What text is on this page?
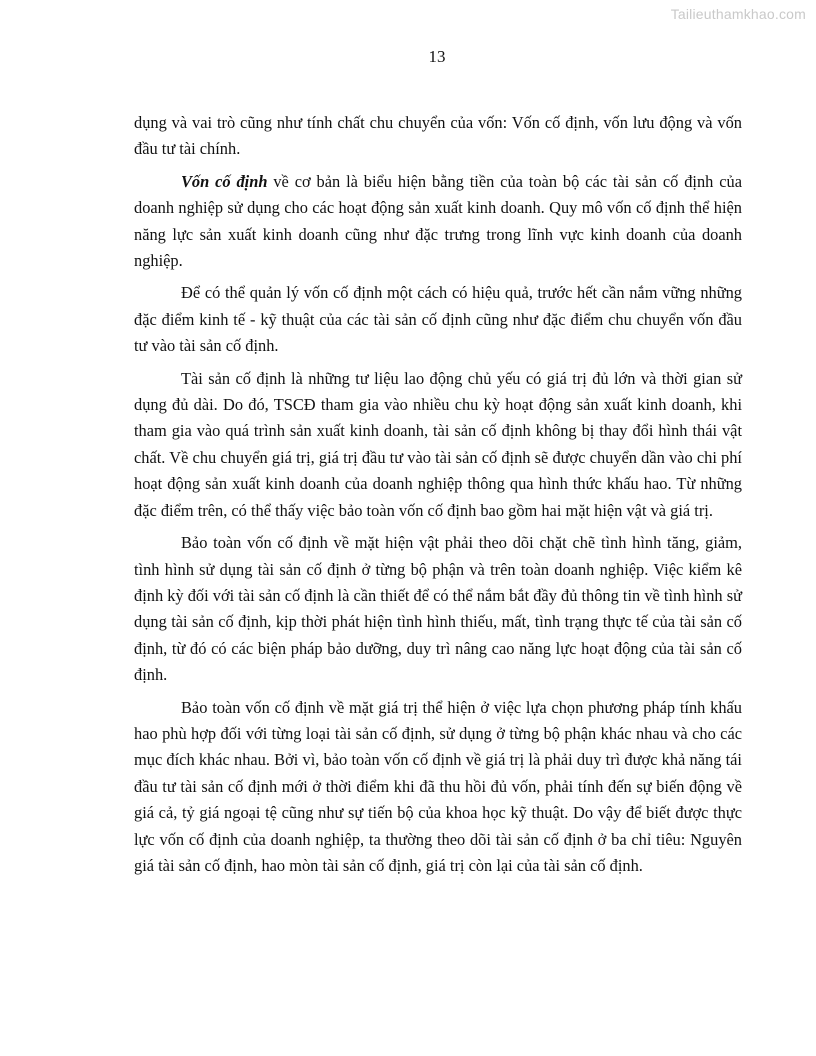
Tailieuthamkhao.com
13

dụng và vai trò cũng như tính chất chu chuyển của vốn: Vốn cố định, vốn lưu động và vốn đầu tư tài chính.

Vốn cố định về cơ bản là biểu hiện bằng tiền của toàn bộ các tài sản cố định của doanh nghiệp sử dụng cho các hoạt động sản xuất kinh doanh. Quy mô vốn cố định thể hiện năng lực sản xuất kinh doanh cũng như đặc trưng trong lĩnh vực kinh doanh của doanh nghiệp.

Để có thể quản lý vốn cố định một cách có hiệu quả, trước hết cần nắm vững những đặc điểm kinh tế - kỹ thuật của các tài sản cố định cũng như đặc điểm chu chuyển vốn đầu tư vào tài sản cố định.

Tài sản cố định là những tư liệu lao động chủ yếu có giá trị đủ lớn và thời gian sử dụng đủ dài. Do đó, TSCĐ tham gia vào nhiều chu kỳ hoạt động sản xuất kinh doanh, khi tham gia vào quá trình sản xuất kinh doanh, tài sản cố định không bị thay đổi hình thái vật chất. Về chu chuyển giá trị, giá trị đầu tư vào tài sản cố định sẽ được chuyển dần vào chi phí hoạt động sản xuất kinh doanh của doanh nghiệp thông qua hình thức khấu hao. Từ những đặc điểm trên, có thể thấy việc bảo toàn vốn cố định bao gồm hai mặt hiện vật và giá trị.

Bảo toàn vốn cố định về mặt hiện vật phải theo dõi chặt chẽ tình hình tăng, giảm, tình hình sử dụng tài sản cố định ở từng bộ phận và trên toàn doanh nghiệp. Việc kiểm kê định kỳ đối với tài sản cố định là cần thiết để có thể nắm bắt đầy đủ thông tin về tình hình sử dụng tài sản cố định, kịp thời phát hiện tình hình thiếu, mất, tình trạng thực tế của tài sản cố định, từ đó có các biện pháp bảo dưỡng, duy trì nâng cao năng lực hoạt động của tài sản cố định.

Bảo toàn vốn cố định về mặt giá trị thể hiện ở việc lựa chọn phương pháp tính khấu hao phù hợp đối với từng loại tài sản cố định, sử dụng ở từng bộ phận khác nhau và cho các mục đích khác nhau. Bởi vì, bảo toàn vốn cố định về giá trị là phải duy trì được khả năng tái đầu tư tài sản cố định mới ở thời điểm khi đã thu hồi đủ vốn, phải tính đến sự biến động về giá cả, tỷ giá ngoại tệ cũng như sự tiến bộ của khoa học kỹ thuật. Do vậy để biết được thực lực vốn cố định của doanh nghiệp, ta thường theo dõi tài sản cố định ở ba chỉ tiêu: Nguyên giá tài sản cố định, hao mòn tài sản cố định, giá trị còn lại của tài sản cố định.
